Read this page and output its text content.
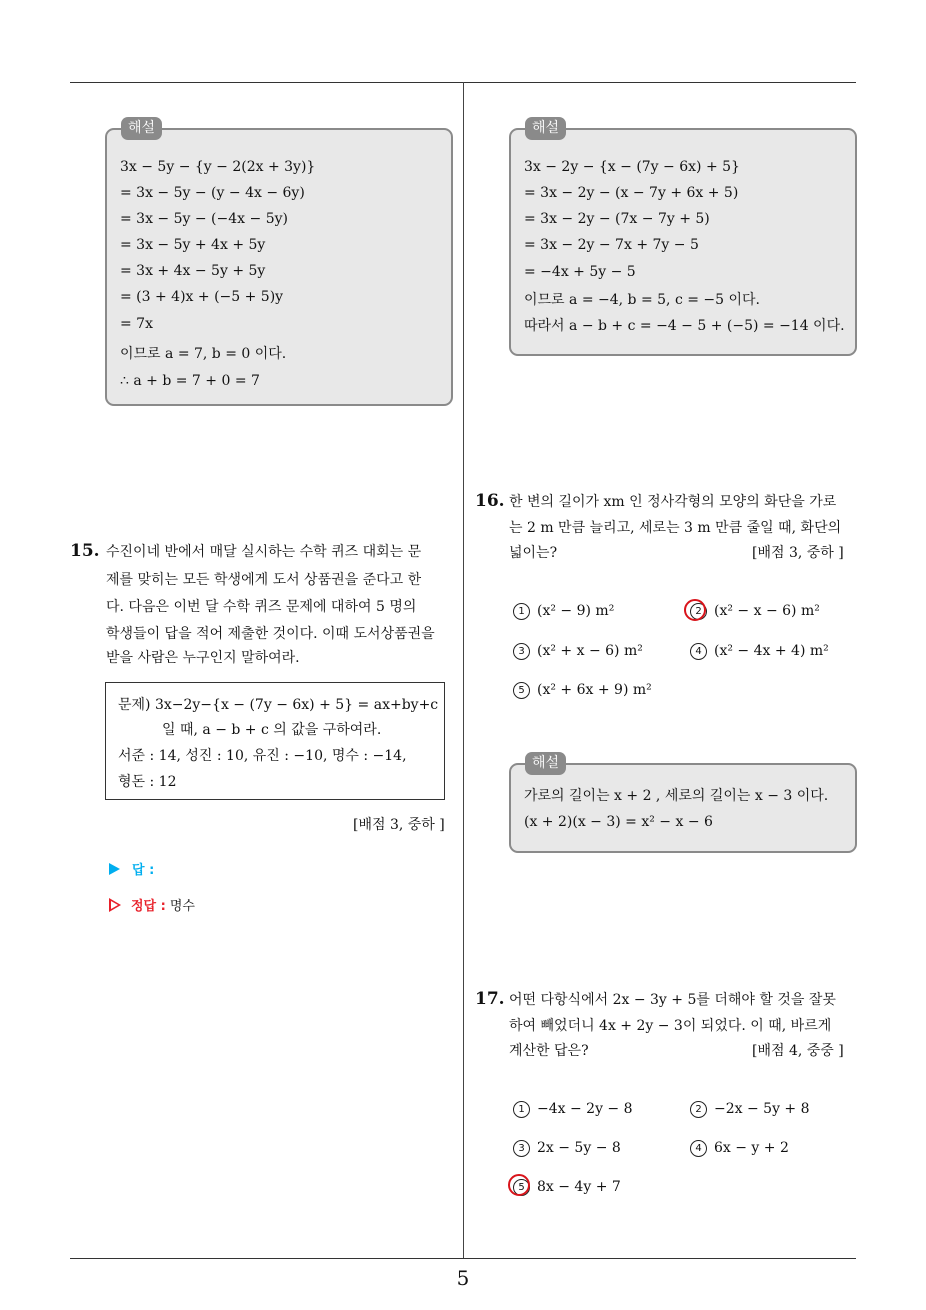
해설
3x − 5y − {y − 2(2x + 3y)}
= 3x − 5y − (y − 4x − 6y)
= 3x − 5y − (−4x − 5y)
= 3x − 5y + 4x + 5y
= 3x + 4x − 5y + 5y
= (3 + 4)x + (−5 + 5)y
= 7x
이므로 a = 7, b = 0 이다.
∴ a + b = 7 + 0 = 7
15. 수진이네 반에서 매달 실시하는 수학 퀴즈 대회는 문
제를 맞히는 모든 학생에게 도서 상품권을 준다고 한
다. 다음은 이번 달 수학 퀴즈 문제에 대하여 5 명의
학생들이 답을 적어 제출한 것이다. 이때 도서상품권을
받을 사람은 누구인지 말하여라.
문제) 3x−2y−{x − (7y − 6x) + 5} = ax+by+c
일 때, a − b + c 의 값을 구하여라.
서준 : 14, 성진 : 10, 유진 : −10, 명수 : −14,
형돈 : 12
[배점 3, 중하 ]
답 :
정답 : 명수
해설
3x − 2y − {x − (7y − 6x) + 5}
= 3x − 2y − (x − 7y + 6x + 5)
= 3x − 2y − (7x − 7y + 5)
= 3x − 2y − 7x + 7y − 5
= −4x + 5y − 5
이므로 a = −4, b = 5, c = −5 이다.
따라서 a − b + c = −4 − 5 + (−5) = −14 이다.
16. 한 변의 길이가 xm 인 정사각형의 모양의 화단을 가로
는 2 m 만큼 늘리고, 세로는 3 m 만큼 줄일 때, 화단의
넓이는?	[배점 3, 중하 ]
1 (x² − 9) m²	2 (x² − x − 6) m²
3 (x² + x − 6) m²	4 (x² − 4x + 4) m²
5 (x² + 6x + 9) m²
해설
가로의 길이는 x + 2 , 세로의 길이는 x − 3 이다.
(x + 2)(x − 3) = x² − x − 6
17. 어떤 다항식에서 2x − 3y + 5를 더해야 할 것을 잘못
하여 빼었더니 4x + 2y − 3이 되었다. 이 때, 바르게
계산한 답은?	[배점 4, 중중 ]
1 −4x − 2y − 8	2 −2x − 5y + 8
3 2x − 5y − 8	4 6x − y + 2
5 8x − 4y + 7
5
